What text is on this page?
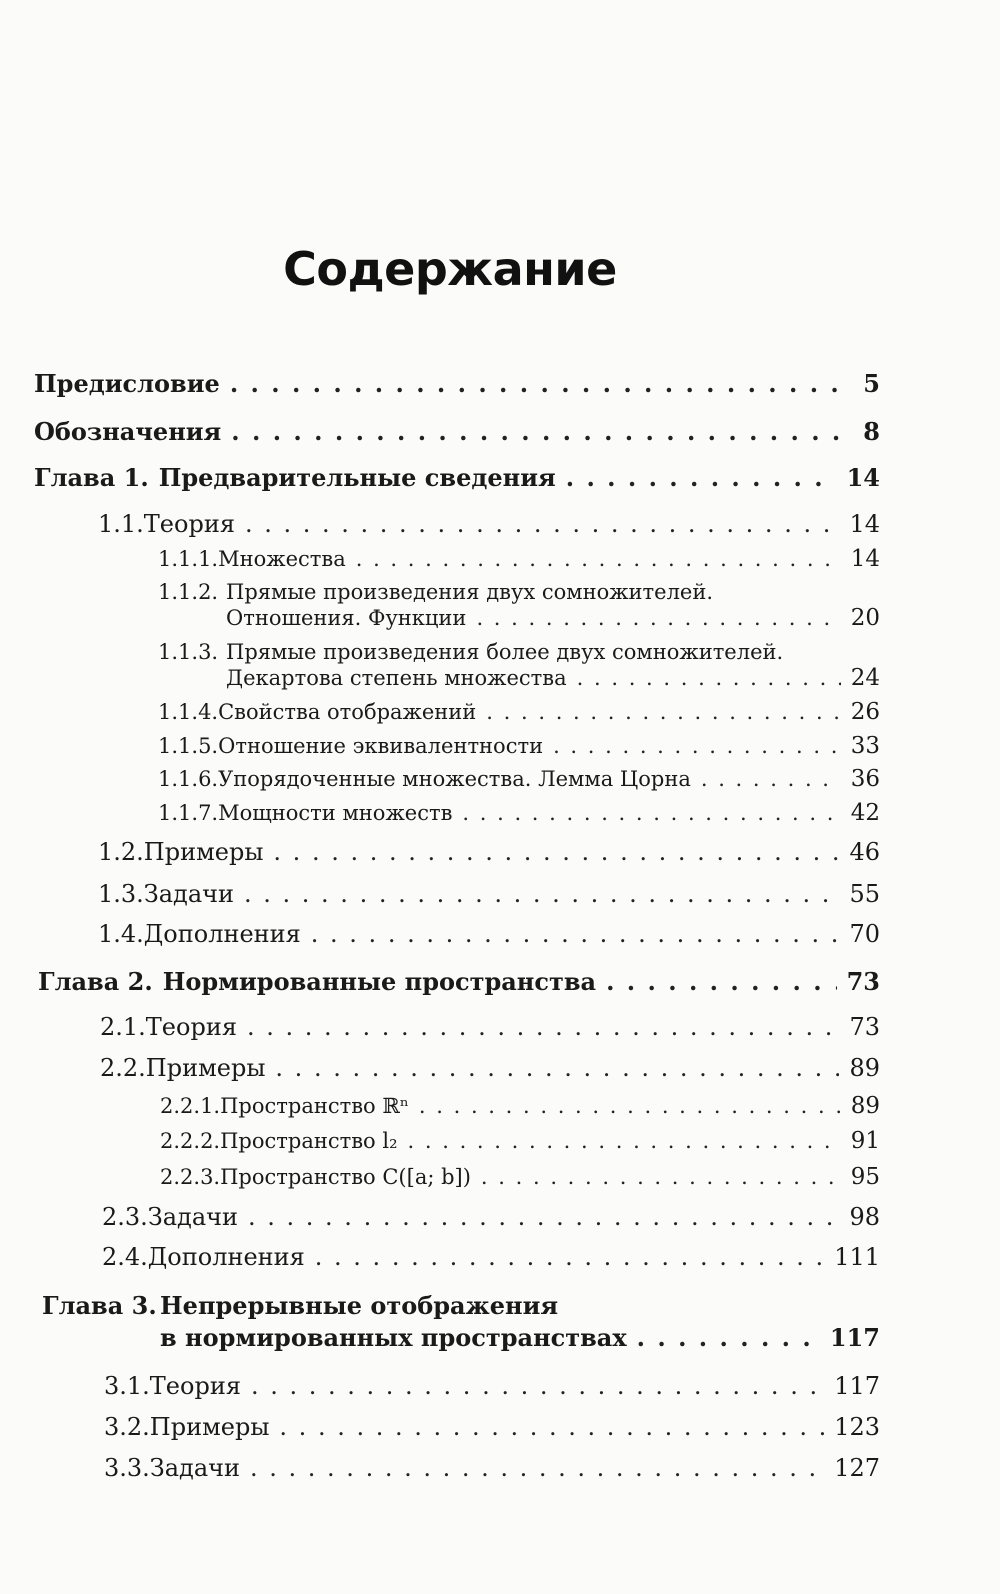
Содержание
Предисловие . . .	5
Обозначения . . .	8
Глава 1. Предварительные сведения . . .	14
1.1. Теория . . .	14
1.1.1. Множества . . .	14
1.1.2. Прямые произведения двух сомножителей.
Отношения. Функции . . .	20
1.1.3. Прямые произведения более двух сомножителей.
Декартова степень множества . . .	24
1.1.4. Свойства отображений . . .	26
1.1.5. Отношение эквивалентности . . .	33
1.1.6. Упорядоченные множества. Лемма Цорна . . .	36
1.1.7. Мощности множеств . . .	42
1.2. Примеры . . .	46
1.3. Задачи . . .	55
1.4. Дополнения . . .	70
Глава 2. Нормированные пространства . . .	73
2.1. Теория . . .	73
2.2. Примеры . . .	89
2.2.1. Пространство ℝⁿ . . .	89
2.2.2. Пространство l₂ . . .	91
2.2.3. Пространство C([a; b]) . . .	95
2.3. Задачи . . .	98
2.4. Дополнения . . .	111
Глава 3. Непрерывные отображения
в нормированных пространствах . . .	117
3.1. Теория . . .	117
3.2. Примеры . . .	123
3.3. Задачи . . .	127
